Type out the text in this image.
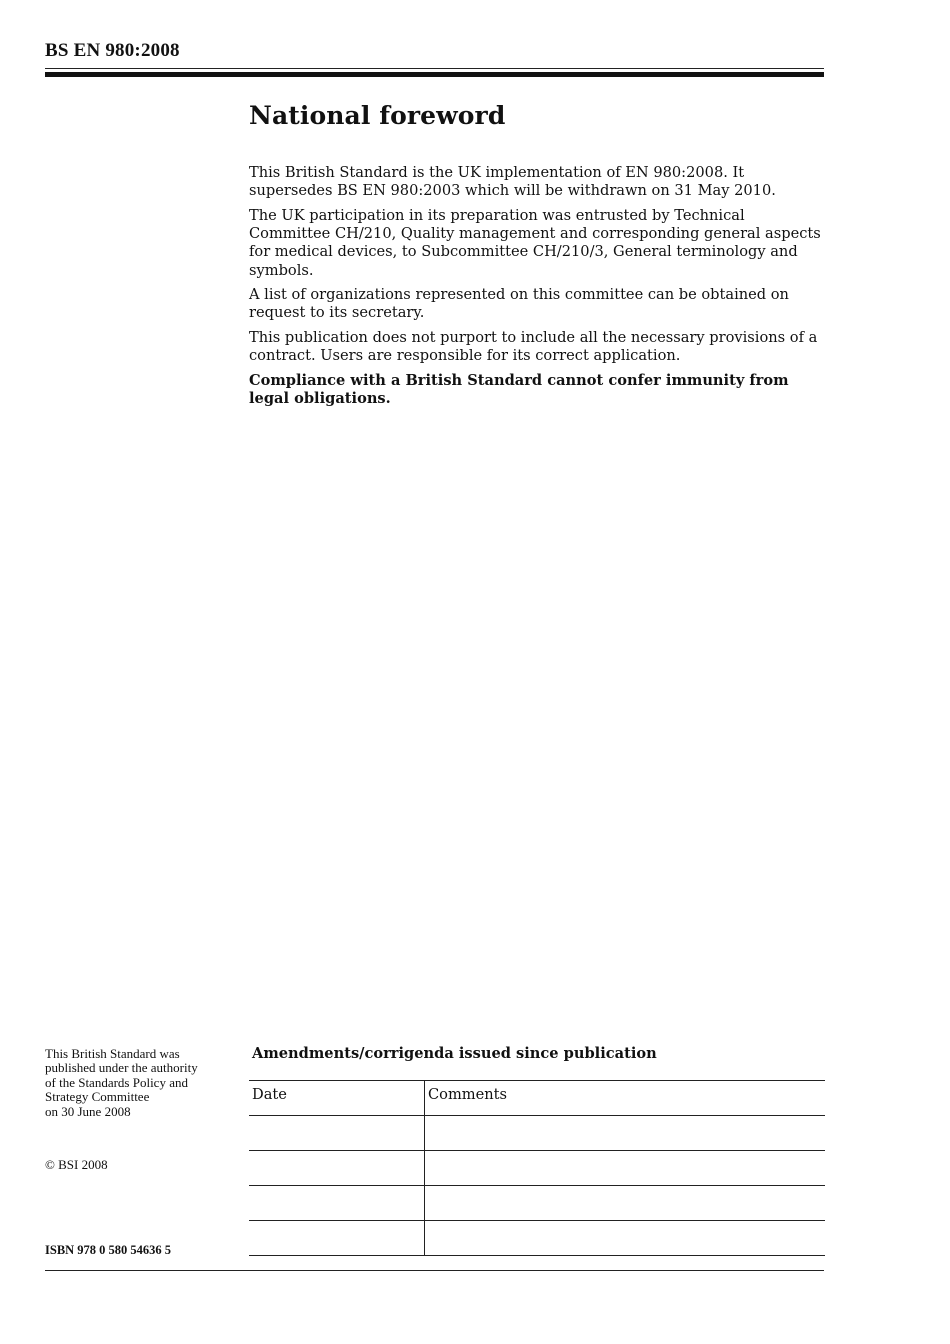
BS EN 980:2008
National foreword

This British Standard is the UK implementation of EN 980:2008. It supersedes BS EN 980:2003 which will be withdrawn on 31 May 2010.

The UK participation in its preparation was entrusted by Technical Committee CH/210, Quality management and corresponding general aspects for medical devices, to Subcommittee CH/210/3, General terminology and symbols.

A list of organizations represented on this committee can be obtained on request to its secretary.

This publication does not purport to include all the necessary provisions of a contract. Users are responsible for its correct application.

Compliance with a British Standard cannot confer immunity from legal obligations.

This British Standard was
published under the authority
of the Standards Policy and
Strategy Committee
on 30 June 2008
© BSI 2008
ISBN 978 0 580 54636 5
Amendments/corrigenda issued since publication
Date	Comments
